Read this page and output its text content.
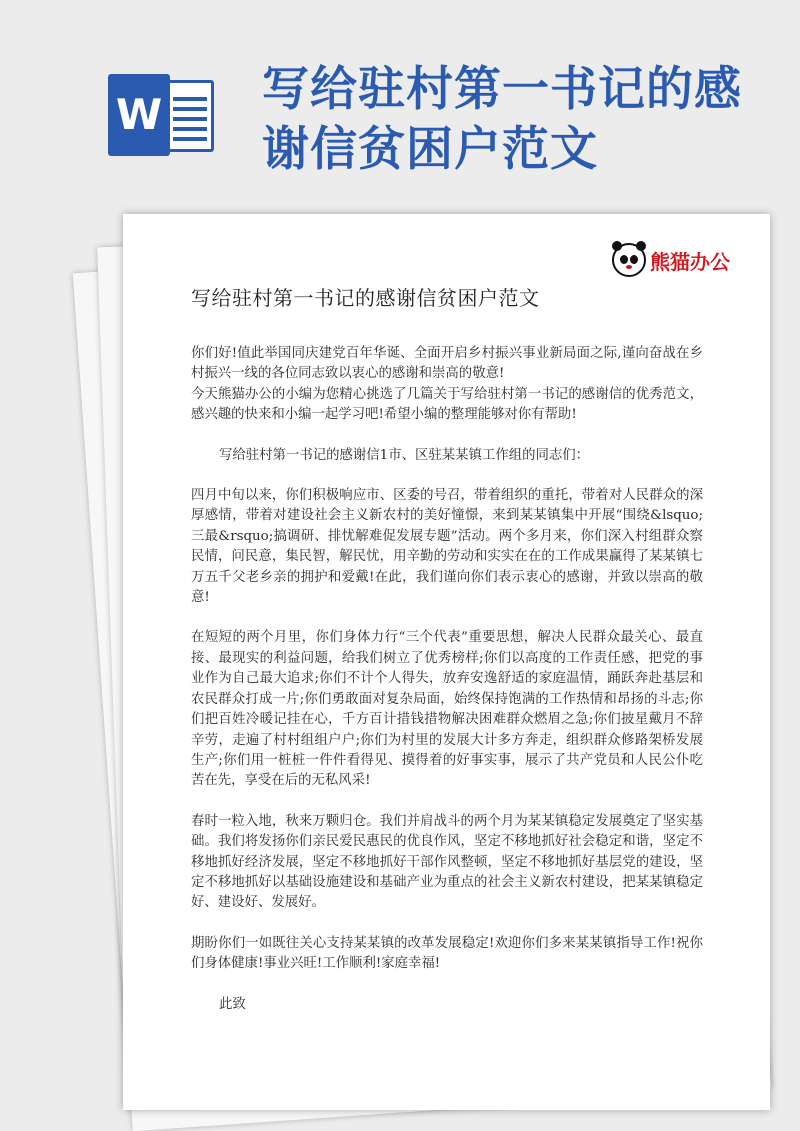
W 写给驻村第一书记的感
谢信贫困户范文
熊猫办公
写给驻村第一书记的感谢信贫困户范文

你们好!值此举国同庆建党百年华诞、全面开启乡村振兴事业新局面之际,谨向奋战在乡村振兴一线的各位同志致以衷心的感谢和崇高的敬意!

今天熊猫办公的小编为您精心挑选了几篇关于写给驻村第一书记的感谢信的优秀范文，感兴趣的快来和小编一起学习吧!希望小编的整理能够对你有帮助!

写给驻村第一书记的感谢信1市、区驻某某镇工作组的同志们：

四月中旬以来，你们积极响应市、区委的号召，带着组织的重托，带着对人民群众的深厚感情，带着对建设社会主义新农村的美好憧憬，来到某某镇集中开展“围绕&lsquo;三最&rsquo;搞调研、排忧解难促发展专题”活动。两个多月来，你们深入村组群众察民情，问民意，集民智，解民忧，用辛勤的劳动和实实在在的工作成果赢得了某某镇七万五千父老乡亲的拥护和爱戴!在此，我们谨向你们表示衷心的感谢，并致以崇高的敬意!

在短短的两个月里，你们身体力行“三个代表”重要思想，解决人民群众最关心、最直接、最现实的利益问题，给我们树立了优秀榜样;你们以高度的工作责任感，把党的事业作为自己最大追求;你们不计个人得失，放弃安逸舒适的家庭温情，踊跃奔赴基层和农民群众打成一片;你们勇敢面对复杂局面，始终保持饱满的工作热情和昂扬的斗志;你们把百姓冷暖记挂在心，千方百计措钱措物解决困难群众燃眉之急;你们披星戴月不辞辛劳，走遍了村村组组户户;你们为村里的发展大计多方奔走，组织群众修路架桥发展生产;你们用一桩桩一件件看得见、摸得着的好事实事，展示了共产党员和人民公仆吃苦在先，享受在后的无私风采!

春时一粒入地，秋来万颗归仓。我们并肩战斗的两个月为某某镇稳定发展奠定了坚实基础。我们将发扬你们亲民爱民惠民的优良作风，坚定不移地抓好社会稳定和谐，坚定不移地抓好经济发展，坚定不移地抓好干部作风整顿，坚定不移地抓好基层党的建设，坚定不移地抓好以基础设施建设和基础产业为重点的社会主义新农村建设，把某某镇稳定好、建设好、发展好。

期盼你们一如既往关心支持某某镇的改革发展稳定!欢迎你们多来某某镇指导工作!祝你们身体健康!事业兴旺!工作顺利!家庭幸福!

此致
